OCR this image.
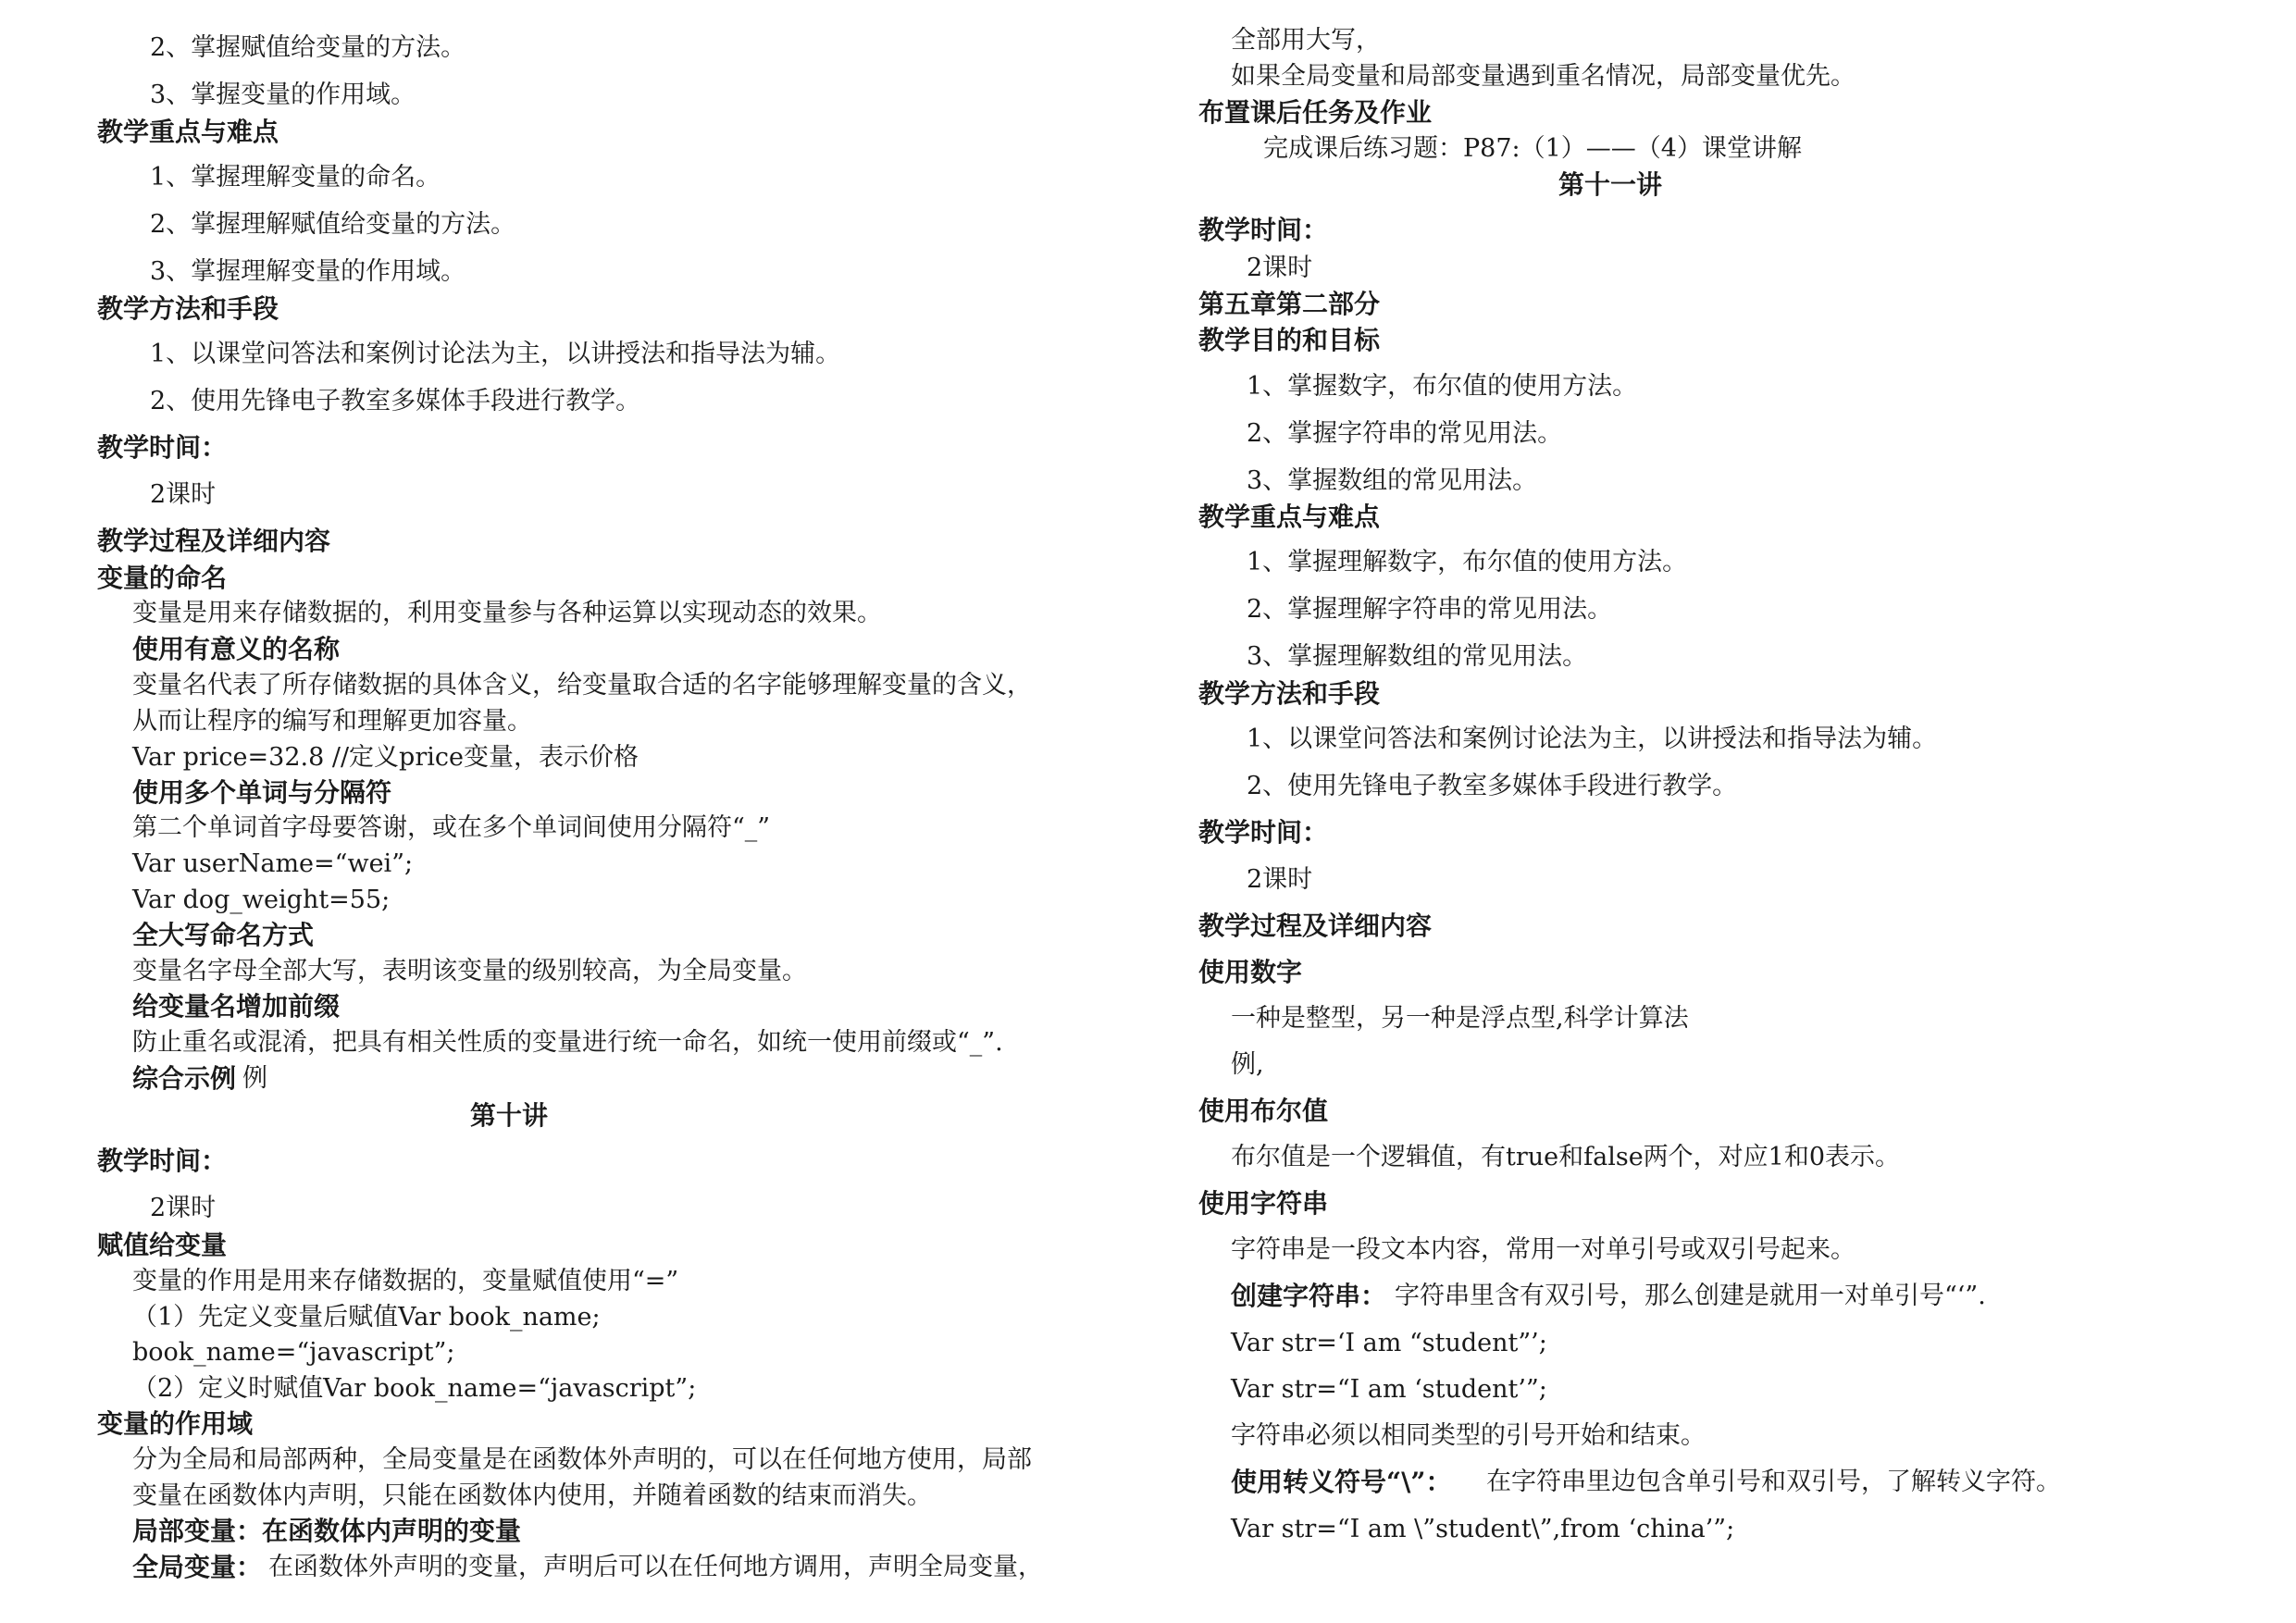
2、掌握赋值给变量的方法。
3、掌握变量的作用域。
教学重点与难点
1、掌握理解变量的命名。
2、掌握理解赋值给变量的方法。
3、掌握理解变量的作用域。
教学方法和手段
1、以课堂问答法和案例讨论法为主，以讲授法和指导法为辅。
2、使用先锋电子教室多媒体手段进行教学。
教学时间：
2课时
教学过程及详细内容
变量的命名
变量是用来存储数据的，利用变量参与各种运算以实现动态的效果。
使用有意义的名称
变量名代表了所存储数据的具体含义，给变量取合适的名字能够理解变量的含义，
从而让程序的编写和理解更加容量。
Var price=32.8 //定义price变量，表示价格
使用多个单词与分隔符
第二个单词首字母要答谢，或在多个单词间使用分隔符“_”
Var userName=“wei”;
Var dog_weight=55;
全大写命名方式
变量名字母全部大写，表明该变量的级别较高，为全局变量。
给变量名增加前缀
防止重名或混淆，把具有相关性质的变量进行统一命名，如统一使用前缀或“_”.
综合示例 例
第十讲
教学时间：
2课时
赋值给变量
变量的作用是用来存储数据的，变量赋值使用“=”
（1）先定义变量后赋值Var book_name;
book_name=“javascript”;
（2）定义时赋值Var book_name=“javascript”;
变量的作用域
分为全局和局部两种，全局变量是在函数体外声明的，可以在任何地方使用，局部
变量在函数体内声明，只能在函数体内使用，并随着函数的结束而消失。
局部变量：在函数体内声明的变量
全局变量： 在函数体外声明的变量，声明后可以在任何地方调用，声明全局变量，
全部用大写，
如果全局变量和局部变量遇到重名情况，局部变量优先。
布置课后任务及作业
完成课后练习题：P87:（1）——（4）课堂讲解
第十一讲
教学时间：
2课时
第五章第二部分
教学目的和目标
1、掌握数字，布尔值的使用方法。
2、掌握字符串的常见用法。
3、掌握数组的常见用法。
教学重点与难点
1、掌握理解数字，布尔值的使用方法。
2、掌握理解字符串的常见用法。
3、掌握理解数组的常见用法。
教学方法和手段
1、以课堂问答法和案例讨论法为主，以讲授法和指导法为辅。
2、使用先锋电子教室多媒体手段进行教学。
教学时间：
2课时
教学过程及详细内容
使用数字
一种是整型，另一种是浮点型,科学计算法
例,
使用布尔值
布尔值是一个逻辑值，有true和false两个，对应1和0表示。
使用字符串
字符串是一段文本内容，常用一对单引号或双引号起来。
创建字符串： 字符串里含有双引号，那么创建是就用一对单引号“‘”.
Var str=‘I am “student”’;
Var str=“I am ‘student’”;
字符串必须以相同类型的引号开始和结束。
使用转义符号“\”： 在字符串里边包含单引号和双引号，了解转义字符。
Var str=“I am \”student\”,from ‘china’”;
